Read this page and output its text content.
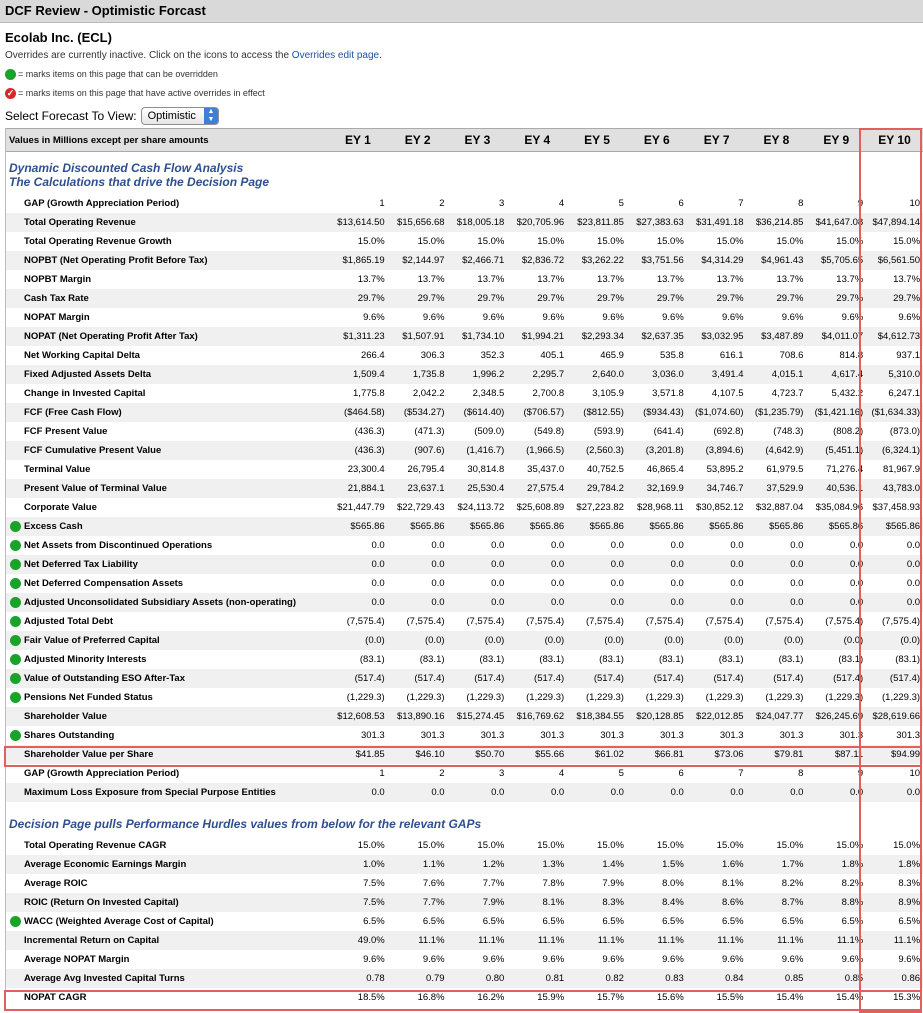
DCF Review - Optimistic Forcast
Ecolab Inc. (ECL)
Overrides are currently inactive. Click on the icons to access the Overrides edit page.
= marks items on this page that can be overridden
✓ = marks items on this page that have active overrides in effect
Select Forecast To View: Optimistic	▲
▼
Values in Millions except per share amounts	EY 1	EY 2	EY 3	EY 4	EY 5	EY 6	EY 7	EY 8	EY 9	EY 10
Dynamic Discounted Cash Flow Analysis
The Calculations that drive the Decision Page
GAP (Growth Appreciation Period)	1	2	3	4	5	6	7	8	9	10
Total Operating Revenue	$13,614.50	$15,656.68	$18,005.18	$20,705.96	$23,811.85	$27,383.63	$31,491.18	$36,214.85	$41,647.08 $47,894.14
Total Operating Revenue Growth	15.0%	15.0%	15.0%	15.0%	15.0%	15.0%	15.0%	15.0%	15.0%	15.0%
NOPBT (Net Operating Profit Before Tax)	$1,865.19	$2,144.97	$2,466.71	$2,836.72	$3,262.22	$3,751.56	$4,314.29	$4,961.43	$5,705.65	$6,561.50
NOPBT Margin	13.7%	13.7%	13.7%	13.7%	13.7%	13.7%	13.7%	13.7%	13.7%	13.7%
Cash Tax Rate	29.7%	29.7%	29.7%	29.7%	29.7%	29.7%	29.7%	29.7%	29.7%	29.7%
NOPAT Margin	9.6%	9.6%	9.6%	9.6%	9.6%	9.6%	9.6%	9.6%	9.6%	9.6%
NOPAT (Net Operating Profit After Tax)	$1,311.23	$1,507.91	$1,734.10	$1,994.21	$2,293.34	$2,637.35	$3,032.95	$3,487.89	$4,011.07	$4,612.73
Net Working Capital Delta	266.4	306.3	352.3	405.1	465.9	535.8	616.1	708.6	814.8	937.1
Fixed Adjusted Assets Delta	1,509.4	1,735.8	1,996.2	2,295.7	2,640.0	3,036.0	3,491.4	4,015.1	4,617.4	5,310.0
Change in Invested Capital	1,775.8	2,042.2	2,348.5	2,700.8	3,105.9	3,571.8	4,107.5	4,723.7	5,432.2	6,247.1
FCF (Free Cash Flow)	($464.58)	($534.27)	($614.40)	($706.57)	($812.55)	($934.43)	($1,074.60)	($1,235.79)	($1,421.16) ($1,634.33)
FCF Present Value	(436.3)	(471.3)	(509.0)	(549.8)	(593.9)	(641.4)	(692.8)	(748.3)	(808.2)	(873.0)
FCF Cumulative Present Value	(436.3)	(907.6)	(1,416.7)	(1,966.5)	(2,560.3)	(3,201.8)	(3,894.6)	(4,642.9)	(5,451.1)	(6,324.1)
Terminal Value	23,300.4	26,795.4	30,814.8	35,437.0	40,752.5	46,865.4	53,895.2	61,979.5	71,276.4	81,967.9
Present Value of Terminal Value	21,884.1	23,637.1	25,530.4	27,575.4	29,784.2	32,169.9	34,746.7	37,529.9	40,536.1	43,783.0
Corporate Value	$21,447.79	$22,729.43	$24,113.72	$25,608.89	$27,223.82	$28,968.11	$30,852.12	$32,887.04	$35,084.96 $37,458.93
Excess Cash	$565.86	$565.86	$565.86	$565.86	$565.86	$565.86	$565.86	$565.86	$565.86	$565.86
Net Assets from Discontinued Operations	0.0	0.0	0.0	0.0	0.0	0.0	0.0	0.0	0.0	0.0
Net Deferred Tax Liability	0.0	0.0	0.0	0.0	0.0	0.0	0.0	0.0	0.0	0.0
Net Deferred Compensation Assets	0.0	0.0	0.0	0.0	0.0	0.0	0.0	0.0	0.0	0.0
Adjusted Unconsolidated Subsidiary Assets (non-operating)	0.0	0.0	0.0	0.0	0.0	0.0	0.0	0.0	0.0	0.0
Adjusted Total Debt	(7,575.4)	(7,575.4)	(7,575.4)	(7,575.4)	(7,575.4)	(7,575.4)	(7,575.4)	(7,575.4)	(7,575.4)	(7,575.4)
Fair Value of Preferred Capital	(0.0)	(0.0)	(0.0)	(0.0)	(0.0)	(0.0)	(0.0)	(0.0)	(0.0)	(0.0)
Adjusted Minority Interests	(83.1)	(83.1)	(83.1)	(83.1)	(83.1)	(83.1)	(83.1)	(83.1)	(83.1)	(83.1)
Value of Outstanding ESO After-Tax	(517.4)	(517.4)	(517.4)	(517.4)	(517.4)	(517.4)	(517.4)	(517.4)	(517.4)	(517.4)
Pensions Net Funded Status	(1,229.3)	(1,229.3)	(1,229.3)	(1,229.3)	(1,229.3)	(1,229.3)	(1,229.3)	(1,229.3)	(1,229.3)	(1,229.3)
Shareholder Value	$12,608.53	$13,890.16	$15,274.45	$16,769.62	$18,384.55	$20,128.85	$22,012.85	$24,047.77	$26,245.69 $28,619.66
Shares Outstanding	301.3	301.3	301.3	301.3	301.3	301.3	301.3	301.3	301.3	301.3
Shareholder Value per Share	$41.85	$46.10	$50.70	$55.66	$61.02	$66.81	$73.06	$79.81	$87.11	$94.99
GAP (Growth Appreciation Period)	1	2	3	4	5	6	7	8	9	10
Maximum Loss Exposure from Special Purpose Entities	0.0	0.0	0.0	0.0	0.0	0.0	0.0	0.0	0.0	0.0
Decision Page pulls Performance Hurdles values from below for the relevant GAPs
Total Operating Revenue CAGR	15.0%	15.0%	15.0%	15.0%	15.0%	15.0%	15.0%	15.0%	15.0%	15.0%
Average Economic Earnings Margin	1.0%	1.1%	1.2%	1.3%	1.4%	1.5%	1.6%	1.7%	1.8%	1.8%
Average ROIC	7.5%	7.6%	7.7%	7.8%	7.9%	8.0%	8.1%	8.2%	8.2%	8.3%
ROIC (Return On Invested Capital)	7.5%	7.7%	7.9%	8.1%	8.3%	8.4%	8.6%	8.7%	8.8%	8.9%
WACC (Weighted Average Cost of Capital)	6.5%	6.5%	6.5%	6.5%	6.5%	6.5%	6.5%	6.5%	6.5%	6.5%
Incremental Return on Capital	49.0%	11.1%	11.1%	11.1%	11.1%	11.1%	11.1%	11.1%	11.1%	11.1%
Average NOPAT Margin	9.6%	9.6%	9.6%	9.6%	9.6%	9.6%	9.6%	9.6%	9.6%	9.6%
Average Avg Invested Capital Turns	0.78	0.79	0.80	0.81	0.82	0.83	0.84	0.85	0.85	0.86
NOPAT CAGR	18.5%	16.8%	16.2%	15.9%	15.7%	15.6%	15.5%	15.4%	15.4%	15.3%
